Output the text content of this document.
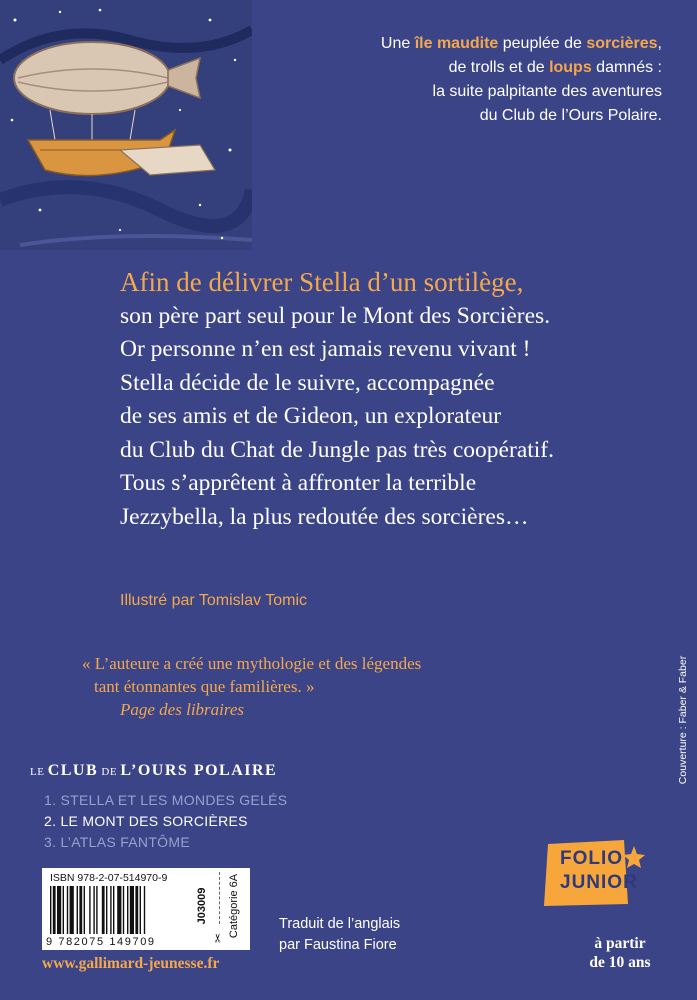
Une île maudite peuplée de sorcières,
de trolls et de loups damnés :
la suite palpitante des aventures
du Club de l’Ours Polaire.
Afin de délivrer Stella d’un sortilège,
son père part seul pour le Mont des Sorcières.
Or personne n’en est jamais revenu vivant !
Stella décide de le suivre, accompagnée
de ses amis et de Gideon, un explorateur
du Club du Chat de Jungle pas très coopératif.
Tous s’apprêtent à affronter la terrible
Jezzybella, la plus redoutée des sorcières…
Illustré par Tomislav Tomic
« L’auteure a créé une mythologie et des légendes
tant étonnantes que familières. »
Page des libraires	Couverture : Faber & Faber
LE CLUB DE L’OURS POLAIRE
1. STELLA ET LES MONDES GELÉS
2. LE MONT DES SORCIÈRES
3. L’ATLAS FANTÔME
FOLIO
JUNIOR
ISBN 978-2-07-514970-9
9 782075 149709
J03009 Catégorie 6A
✂
Traduit de l’anglais
par Faustina Fiore	à partir
de 10 ans
www.gallimard-jeunesse.fr
